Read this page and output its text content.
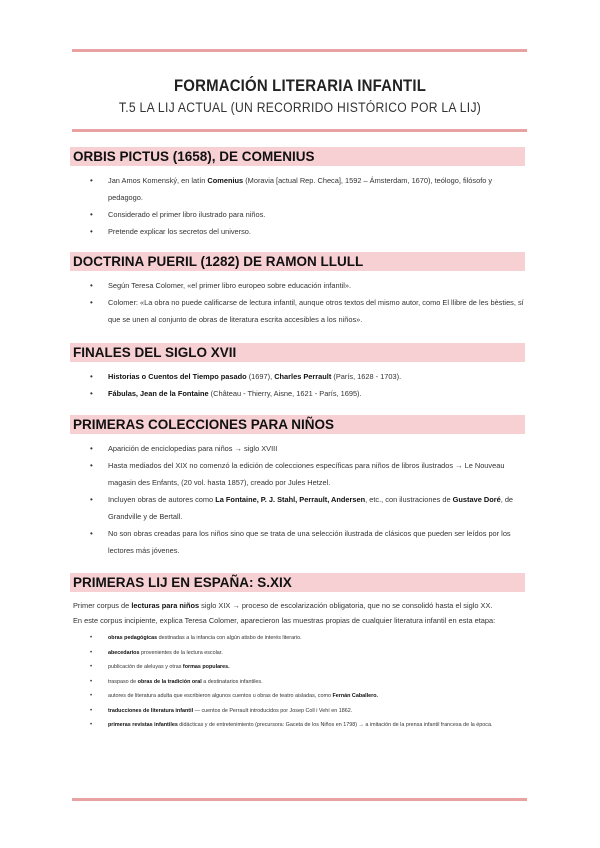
FORMACIÓN LITERARIA INFANTIL
T.5 LA LIJ ACTUAL (UN RECORRIDO HISTÓRICO POR LA LIJ)
ORBIS PICTUS (1658), DE COMENIUS
• Jan Amos Komenský, en latín Comenius (Moravia [actual Rep. Checa], 1592 – Ámsterdam, 1670), teólogo, filósofo y pedagogo.
• Considerado el primer libro ilustrado para niños.
• Pretende explicar los secretos del universo.
DOCTRINA PUERIL (1282) DE RAMON LLULL
• Según Teresa Colomer, «el primer libro europeo sobre educación infantil».
• Colomer: «La obra no puede calificarse de lectura infantil, aunque otros textos del mismo autor, como El llibre de les bèsties, sí que se unen al conjunto de obras de literatura escrita accesibles a los niños».
FINALES DEL SIGLO XVII
• Historias o Cuentos del Tiempo pasado (1697), Charles Perrault (París, 1628 - 1703).
• Fábulas, Jean de la Fontaine (Château - Thierry, Aisne, 1621 - París, 1695).
PRIMERAS COLECCIONES PARA NIÑOS
• Aparición de enciclopedias para niños → siglo XVIII
• Hasta mediados del XIX no comenzó la edición de colecciones específicas para niños de libros ilustrados → Le Nouveau magasin des Enfants, (20 vol. hasta 1857), creado por Jules Hetzel.
• Incluyen obras de autores como La Fontaine, P. J. Stahl, Perrault, Andersen, etc., con ilustraciones de Gustave Doré, de Grandville y de Bertall.
• No son obras creadas para los niños sino que se trata de una selección ilustrada de clásicos que pueden ser leídos por los lectores más jóvenes.
PRIMERAS LIJ EN ESPAÑA: S.XIX

Primer corpus de lecturas para niños siglo XIX → proceso de escolarización obligatoria, que no se consolidó hasta el siglo XX.

En este corpus incipiente, explica Teresa Colomer, aparecieron las muestras propias de cualquier literatura infantil en esta etapa:

• obras pedagógicas destinadas a la infancia con algún atisbo de interés literario.
• abecedarios provenientes de la lectura escolar.
• publicación de aleluyas y otras formas populares.
• traspaso de obras de la tradición oral a destinatarios infantiles.
• autores de literatura adulta que escribieron algunos cuentos u obras de teatro aisladas, como Fernán Caballero.
• traducciones de literatura infantil — cuentos de Perrault introducidos por Josep Coll i Vehí en 1862.
• primeras revistas infantiles didácticas y de entretenimiento (precursora: Gaceta de los Niños en 1798) → a imitación de la prensa infantil francesa de la época.
